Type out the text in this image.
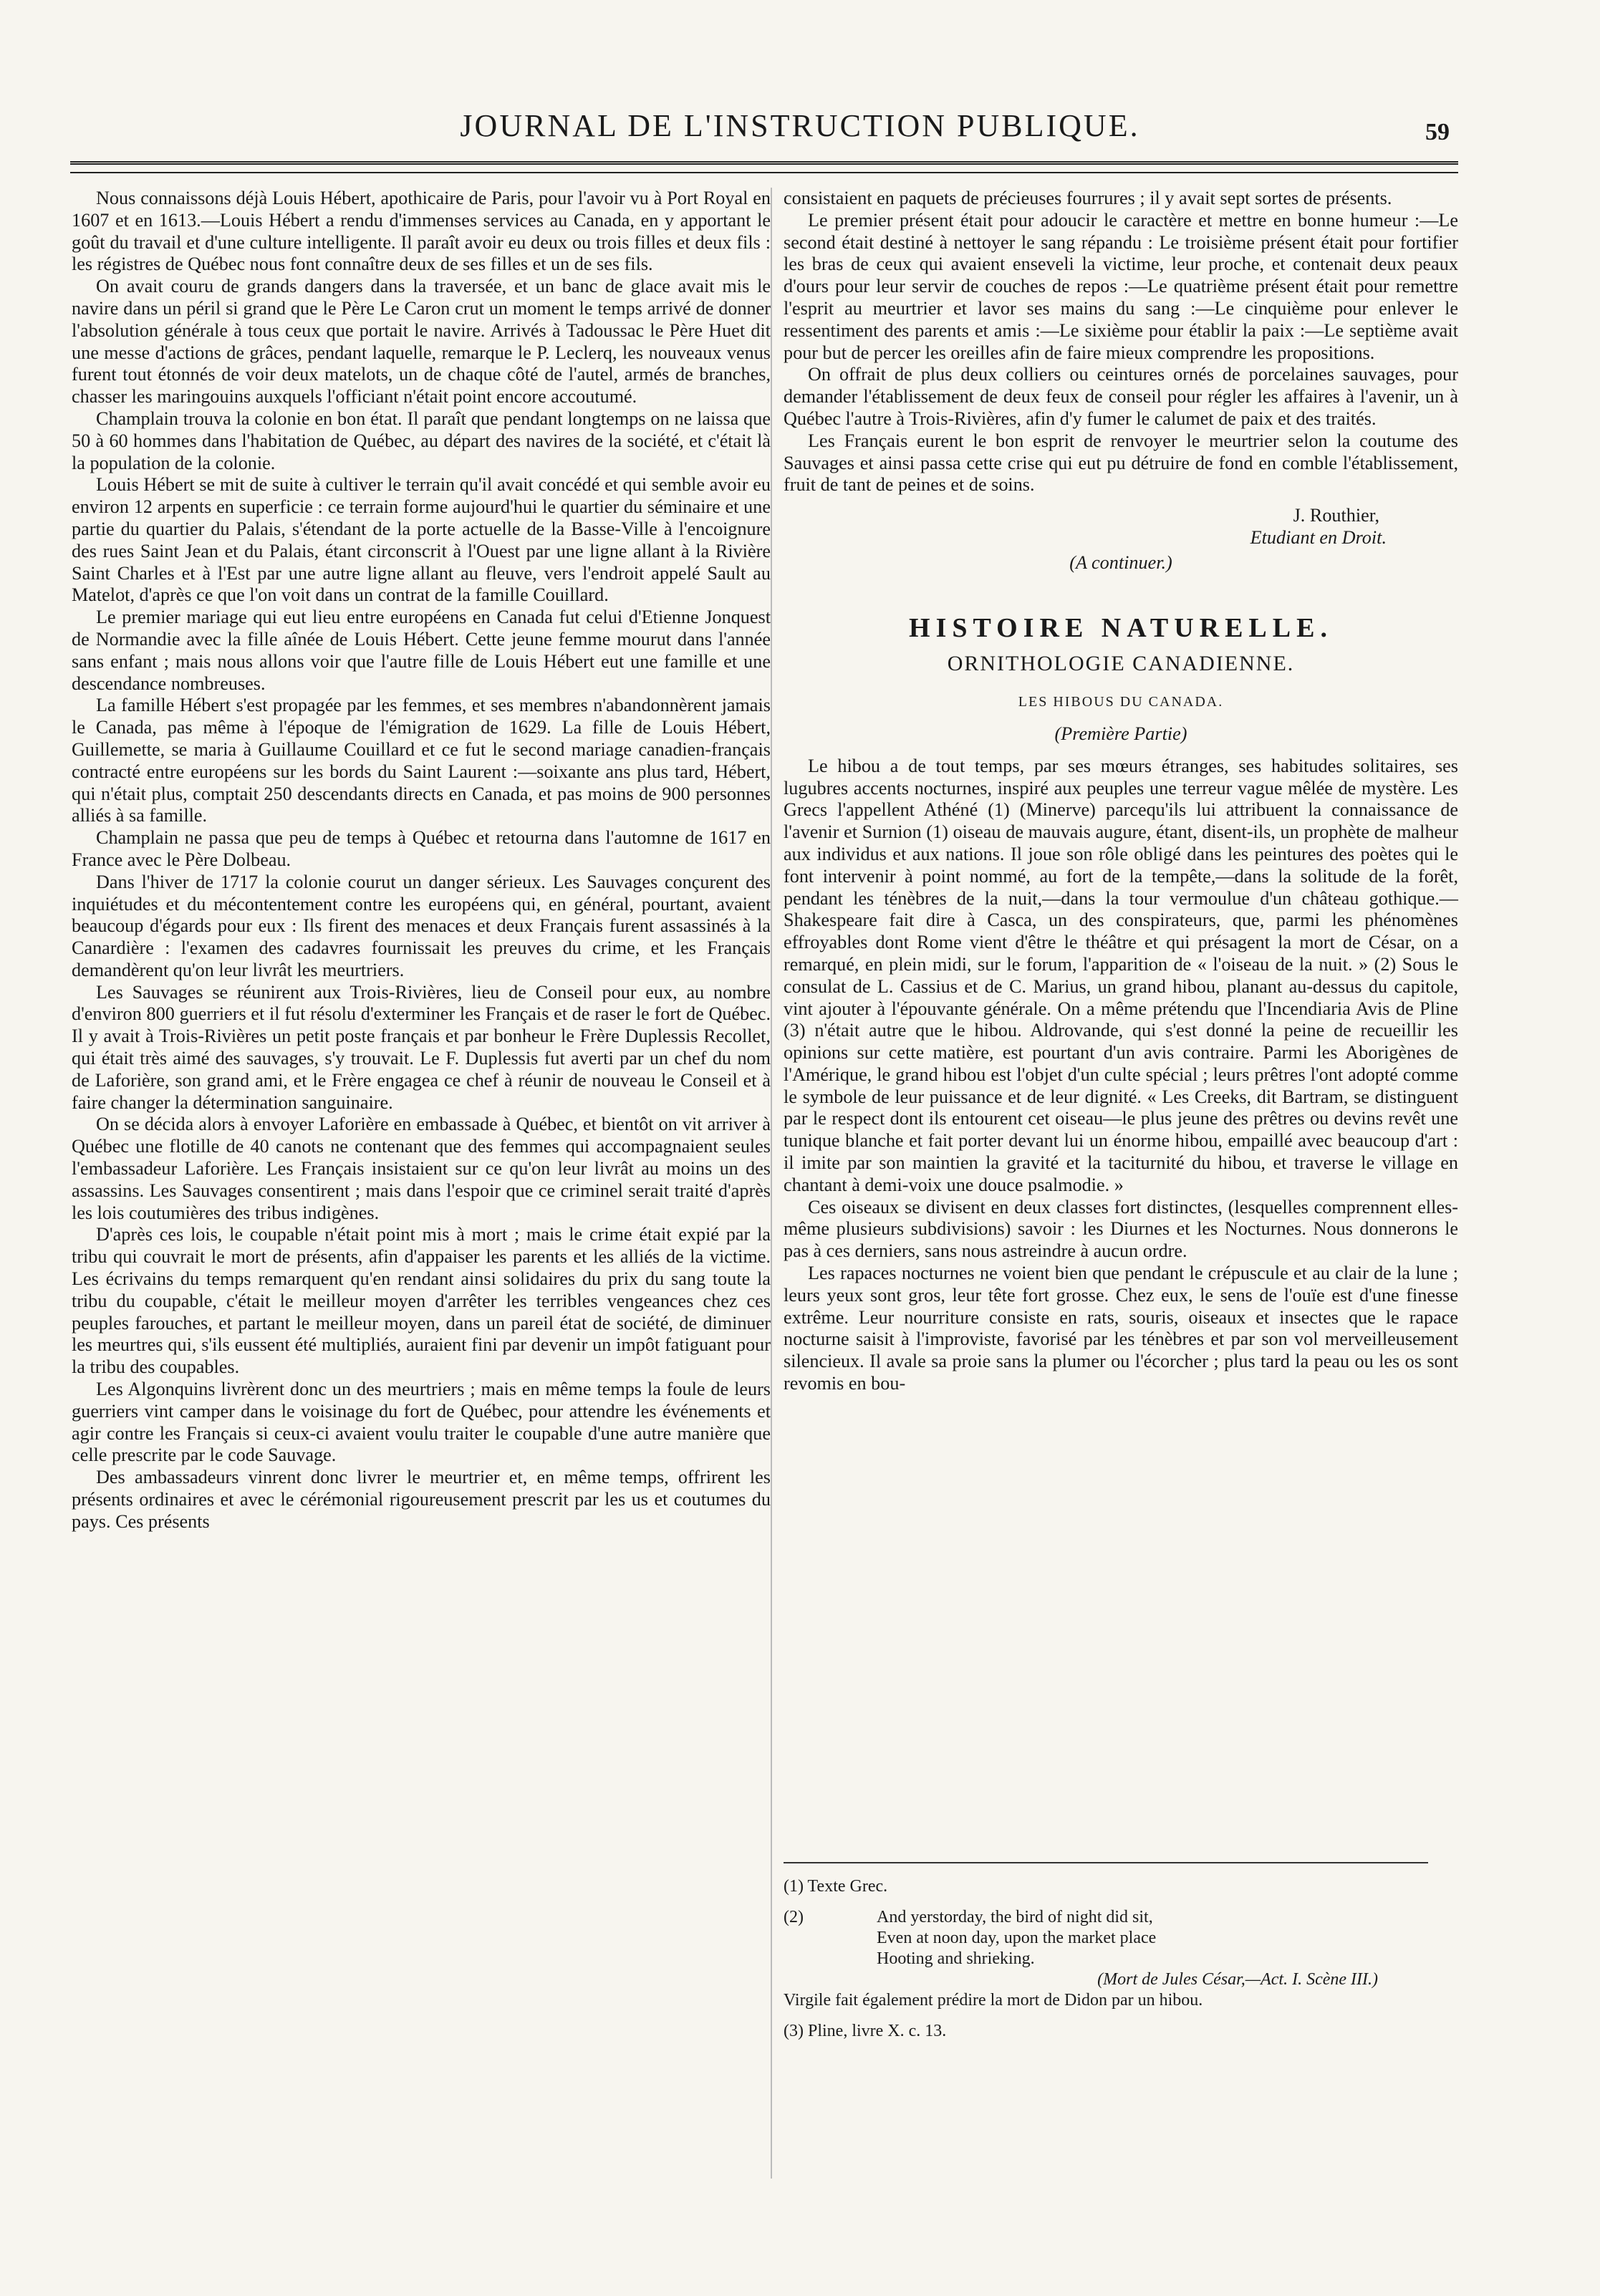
JOURNAL DE L'INSTRUCTION PUBLIQUE.	59

Nous connaissons déjà Louis Hébert, apothicaire de Paris, pour l'avoir vu à Port Royal en 1607 et en 1613.—Louis Hébert a rendu d'immenses services au Canada, en y apportant le goût du travail et d'une culture intelligente. Il paraît avoir eu deux ou trois filles et deux fils : les régistres de Québec nous font connaître deux de ses filles et un de ses fils.

On avait couru de grands dangers dans la traversée, et un banc de glace avait mis le navire dans un péril si grand que le Père Le Caron crut un moment le temps arrivé de donner l'absolution générale à tous ceux que portait le navire. Arrivés à Tadoussac le Père Huet dit une messe d'actions de grâces, pendant laquelle, remarque le P. Leclerq, les nouveaux venus furent tout étonnés de voir deux matelots, un de chaque côté de l'autel, armés de branches, chasser les maringouins auxquels l'officiant n'était point encore accoutumé.

Champlain trouva la colonie en bon état. Il paraît que pendant longtemps on ne laissa que 50 à 60 hommes dans l'habitation de Québec, au départ des navires de la société, et c'était là la population de la colonie.

Louis Hébert se mit de suite à cultiver le terrain qu'il avait concédé et qui semble avoir eu environ 12 arpents en superficie : ce terrain forme aujourd'hui le quartier du séminaire et une partie du quartier du Palais, s'étendant de la porte actuelle de la Basse-Ville à l'encoignure des rues Saint Jean et du Palais, étant circonscrit à l'Ouest par une ligne allant à la Rivière Saint Charles et à l'Est par une autre ligne allant au fleuve, vers l'endroit appelé Sault au Matelot, d'après ce que l'on voit dans un contrat de la famille Couillard.

Le premier mariage qui eut lieu entre européens en Canada fut celui d'Etienne Jonquest de Normandie avec la fille aînée de Louis Hébert. Cette jeune femme mourut dans l'année sans enfant ; mais nous allons voir que l'autre fille de Louis Hébert eut une famille et une descendance nombreuses.

La famille Hébert s'est propagée par les femmes, et ses membres n'abandonnèrent jamais le Canada, pas même à l'époque de l'émigration de 1629. La fille de Louis Hébert, Guillemette, se maria à Guillaume Couillard et ce fut le second mariage canadien-français contracté entre européens sur les bords du Saint Laurent :—soixante ans plus tard, Hébert, qui n'était plus, comptait 250 descendants directs en Canada, et pas moins de 900 personnes alliés à sa famille.

Champlain ne passa que peu de temps à Québec et retourna dans l'automne de 1617 en France avec le Père Dolbeau.

Dans l'hiver de 1717 la colonie courut un danger sérieux. Les Sauvages conçurent des inquiétudes et du mécontentement contre les européens qui, en général, pourtant, avaient beaucoup d'égards pour eux : Ils firent des menaces et deux Français furent assassinés à la Canardière : l'examen des cadavres fournissait les preuves du crime, et les Français demandèrent qu'on leur livrât les meurtriers.

Les Sauvages se réunirent aux Trois-Rivières, lieu de Conseil pour eux, au nombre d'environ 800 guerriers et il fut résolu d'exterminer les Français et de raser le fort de Québec. Il y avait à Trois-Rivières un petit poste français et par bonheur le Frère Duplessis Recollet, qui était très aimé des sauvages, s'y trouvait. Le F. Duplessis fut averti par un chef du nom de Laforière, son grand ami, et le Frère engagea ce chef à réunir de nouveau le Conseil et à faire changer la détermination sanguinaire.

On se décida alors à envoyer Laforière en embassade à Québec, et bientôt on vit arriver à Québec une flotille de 40 canots ne contenant que des femmes qui accompagnaient seules l'embassadeur Laforière. Les Français insistaient sur ce qu'on leur livrât au moins un des assassins. Les Sauvages consentirent ; mais dans l'espoir que ce criminel serait traité d'après les lois coutumières des tribus indigènes.

D'après ces lois, le coupable n'était point mis à mort ; mais le crime était expié par la tribu qui couvrait le mort de présents, afin d'appaiser les parents et les alliés de la victime. Les écrivains du temps remarquent qu'en rendant ainsi solidaires du prix du sang toute la tribu du coupable, c'était le meilleur moyen d'arrêter les terribles vengeances chez ces peuples farouches, et partant le meilleur moyen, dans un pareil état de société, de diminuer les meurtres qui, s'ils eussent été multipliés, auraient fini par devenir un impôt fatiguant pour la tribu des coupables.

Les Algonquins livrèrent donc un des meurtriers ; mais en même temps la foule de leurs guerriers vint camper dans le voisinage du fort de Québec, pour attendre les événements et agir contre les Français si ceux-ci avaient voulu traiter le coupable d'une autre manière que celle prescrite par le code Sauvage.

Des ambassadeurs vinrent donc livrer le meurtrier et, en même temps, offrirent les présents ordinaires et avec le cérémonial rigoureusement prescrit par les us et coutumes du pays. Ces présents

consistaient en paquets de précieuses fourrures ; il y avait sept sortes de présents.

Le premier présent était pour adoucir le caractère et mettre en bonne humeur :—Le second était destiné à nettoyer le sang répandu : Le troisième présent était pour fortifier les bras de ceux qui avaient enseveli la victime, leur proche, et contenait deux peaux d'ours pour leur servir de couches de repos :—Le quatrième présent était pour remettre l'esprit au meurtrier et lavor ses mains du sang :—Le cinquième pour enlever le ressentiment des parents et amis :—Le sixième pour établir la paix :—Le septième avait pour but de percer les oreilles afin de faire mieux comprendre les propositions.

On offrait de plus deux colliers ou ceintures ornés de porcelaines sauvages, pour demander l'établissement de deux feux de conseil pour régler les affaires à l'avenir, un à Québec l'autre à Trois-Rivières, afin d'y fumer le calumet de paix et des traités.

Les Français eurent le bon esprit de renvoyer le meurtrier selon la coutume des Sauvages et ainsi passa cette crise qui eut pu détruire de fond en comble l'établissement, fruit de tant de peines et de soins.

J. Routhier,
Etudiant en Droit.
(A continuer.)
HISTOIRE NATURELLE.
ORNITHOLOGIE CANADIENNE.
LES HIBOUS DU CANADA.
(Première Partie)

Le hibou a de tout temps, par ses mœurs étranges, ses habitudes solitaires, ses lugubres accents nocturnes, inspiré aux peuples une terreur vague mêlée de mystère. Les Grecs l'appellent Athéné (1) (Minerve) parcequ'ils lui attribuent la connaissance de l'avenir et Surnion (1) oiseau de mauvais augure, étant, disent-ils, un prophète de malheur aux individus et aux nations. Il joue son rôle obligé dans les peintures des poètes qui le font intervenir à point nommé, au fort de la tempête,—dans la solitude de la forêt, pendant les ténèbres de la nuit,—dans la tour vermoulue d'un château gothique.—Shakespeare fait dire à Casca, un des conspirateurs, que, parmi les phénomènes effroyables dont Rome vient d'être le théâtre et qui présagent la mort de César, on a remarqué, en plein midi, sur le forum, l'apparition de « l'oiseau de la nuit. » (2) Sous le consulat de L. Cassius et de C. Marius, un grand hibou, planant au-dessus du capitole, vint ajouter à l'épouvante générale. On a même prétendu que l'Incendiaria Avis de Pline (3) n'était autre que le hibou. Aldrovande, qui s'est donné la peine de recueillir les opinions sur cette matière, est pourtant d'un avis contraire. Parmi les Aborigènes de l'Amérique, le grand hibou est l'objet d'un culte spécial ; leurs prêtres l'ont adopté comme le symbole de leur puissance et de leur dignité. « Les Creeks, dit Bartram, se distinguent par le respect dont ils entourent cet oiseau—le plus jeune des prêtres ou devins revêt une tunique blanche et fait porter devant lui un énorme hibou, empaillé avec beaucoup d'art : il imite par son maintien la gravité et la taciturnité du hibou, et traverse le village en chantant à demi-voix une douce psalmodie. »

Ces oiseaux se divisent en deux classes fort distinctes, (lesquelles comprennent elles-même plusieurs subdivisions) savoir : les Diurnes et les Nocturnes. Nous donnerons le pas à ces derniers, sans nous astreindre à aucun ordre.

Les rapaces nocturnes ne voient bien que pendant le crépuscule et au clair de la lune ; leurs yeux sont gros, leur tête fort grosse. Chez eux, le sens de l'ouïe est d'une finesse extrême. Leur nourriture consiste en rats, souris, oiseaux et insectes que le rapace nocturne saisit à l'improviste, favorisé par les ténèbres et par son vol merveilleusement silencieux. Il avale sa proie sans la plumer ou l'écorcher ; plus tard la peau ou les os sont revomis en bou-

(1) Texte Grec.
(2)	And yerstorday, the bird of night did sit,
Even at noon day, upon the market place
Hooting and shrieking.
(Mort de Jules César,—Act. I. Scène III.)
Virgile fait également prédire la mort de Didon par un hibou.
(3) Pline, livre X. c. 13.
